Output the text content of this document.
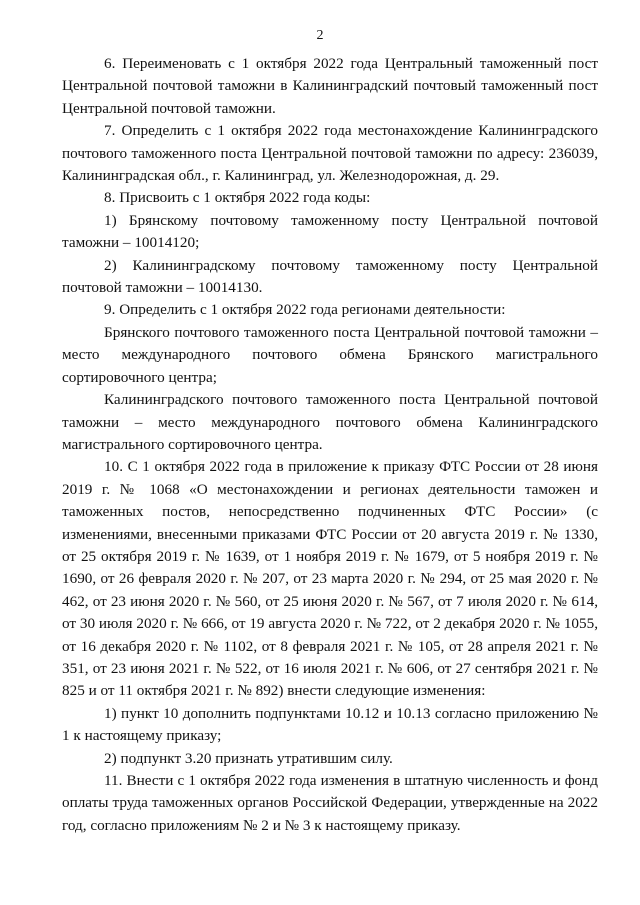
2

6. Переименовать с 1 октября 2022 года Центральный таможенный пост Центральной почтовой таможни в Калининградский почтовый таможенный пост Центральной почтовой таможни.

7. Определить с 1 октября 2022 года местонахождение Калининградского почтового таможенного поста Центральной почтовой таможни по адресу: 236039, Калининградская обл., г. Калининград, ул. Железнодорожная, д. 29.

8. Присвоить с 1 октября 2022 года коды:

1) Брянскому почтовому таможенному посту Центральной почтовой таможни – 10014120;

2) Калининградскому почтовому таможенному посту Центральной почтовой таможни – 10014130.

9. Определить с 1 октября 2022 года регионами деятельности:

Брянского почтового таможенного поста Центральной почтовой таможни – место международного почтового обмена Брянского магистрального сортировочного центра;

Калининградского почтового таможенного поста Центральной почтовой таможни – место международного почтового обмена Калининградского магистрального сортировочного центра.

10. С 1 октября 2022 года в приложение к приказу ФТС России от 28 июня 2019 г. № 1068 «О местонахождении и регионах деятельности таможен и таможенных постов, непосредственно подчиненных ФТС России» (с изменениями, внесенными приказами ФТС России от 20 августа 2019 г. № 1330, от 25 октября 2019 г. № 1639, от 1 ноября 2019 г. № 1679, от 5 ноября 2019 г. № 1690, от 26 февраля 2020 г. № 207, от 23 марта 2020 г. № 294, от 25 мая 2020 г. № 462, от 23 июня 2020 г. № 560, от 25 июня 2020 г. № 567, от 7 июля 2020 г. № 614, от 30 июля 2020 г. № 666, от 19 августа 2020 г. № 722, от 2 декабря 2020 г. № 1055, от 16 декабря 2020 г. № 1102, от 8 февраля 2021 г. № 105, от 28 апреля 2021 г. № 351, от 23 июня 2021 г. № 522, от 16 июля 2021 г. № 606, от 27 сентября 2021 г. № 825 и от 11 октября 2021 г. № 892) внести следующие изменения:

1) пункт 10 дополнить подпунктами 10.12 и 10.13 согласно приложению № 1 к настоящему приказу;

2) подпункт 3.20 признать утратившим силу.

11. Внести с 1 октября 2022 года изменения в штатную численность и фонд оплаты труда таможенных органов Российской Федерации, утвержденные на 2022 год, согласно приложениям № 2 и № 3 к настоящему приказу.
